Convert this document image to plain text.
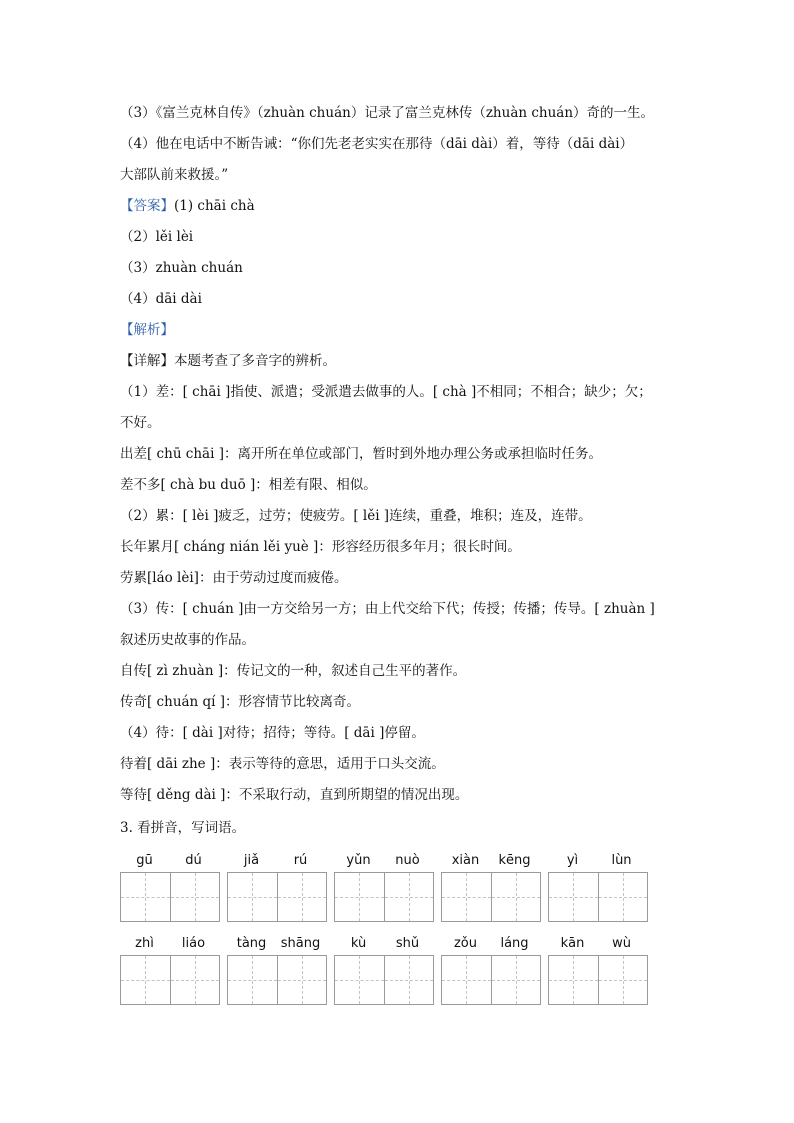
（3）《富兰克林自传》（zhuàn chuán）记录了富兰克林传（zhuàn chuán）奇的一生。
（4）他在电话中不断告诫：“你们先老老实实在那待（dāi dài）着，等待（dāi dài）
大部队前来救援。”
【答案】(1) chāi chà
（2）lěi lèi
（3）zhuàn chuán
（4）dāi dài
【解析】
【详解】本题考查了多音字的辨析。
（1）差：[ chāi ]指使、派遣；受派遣去做事的人。[ chà ]不相同；不相合；缺少；欠；
不好。
出差[ chū chāi ]：离开所在单位或部门，暂时到外地办理公务或承担临时任务。
差不多[ chà bu duō ]：相差有限、相似。
（2）累：[ lèi ]疲乏，过劳；使疲劳。[ lěi ]连续，重叠，堆积；连及，连带。
长年累月[ cháng nián lěi yuè ]：形容经历很多年月；很长时间。
劳累[láo lèi]：由于劳动过度而疲倦。
（3）传：[ chuán ]由一方交给另一方；由上代交给下代；传授；传播；传导。[ zhuàn ]
叙述历史故事的作品。
自传[ zì zhuàn ]：传记文的一种，叙述自己生平的著作。
传奇[ chuán qí ]：形容情节比较离奇。
（4）待：[ dài ]对待；招待；等待。[ dāi ]停留。
待着[ dāi zhe ]：表示等待的意思，适用于口头交流。
等待[ děng dài ]：不采取行动，直到所期望的情况出现。
3. 看拼音，写词语。
gū	dú	jiǎ	rú	yǔn	nuò	xiàn	kēng	yì	lùn
zhì	liáo	tàng	shāng	kù	shǔ	zǒu	láng	kān	wù
